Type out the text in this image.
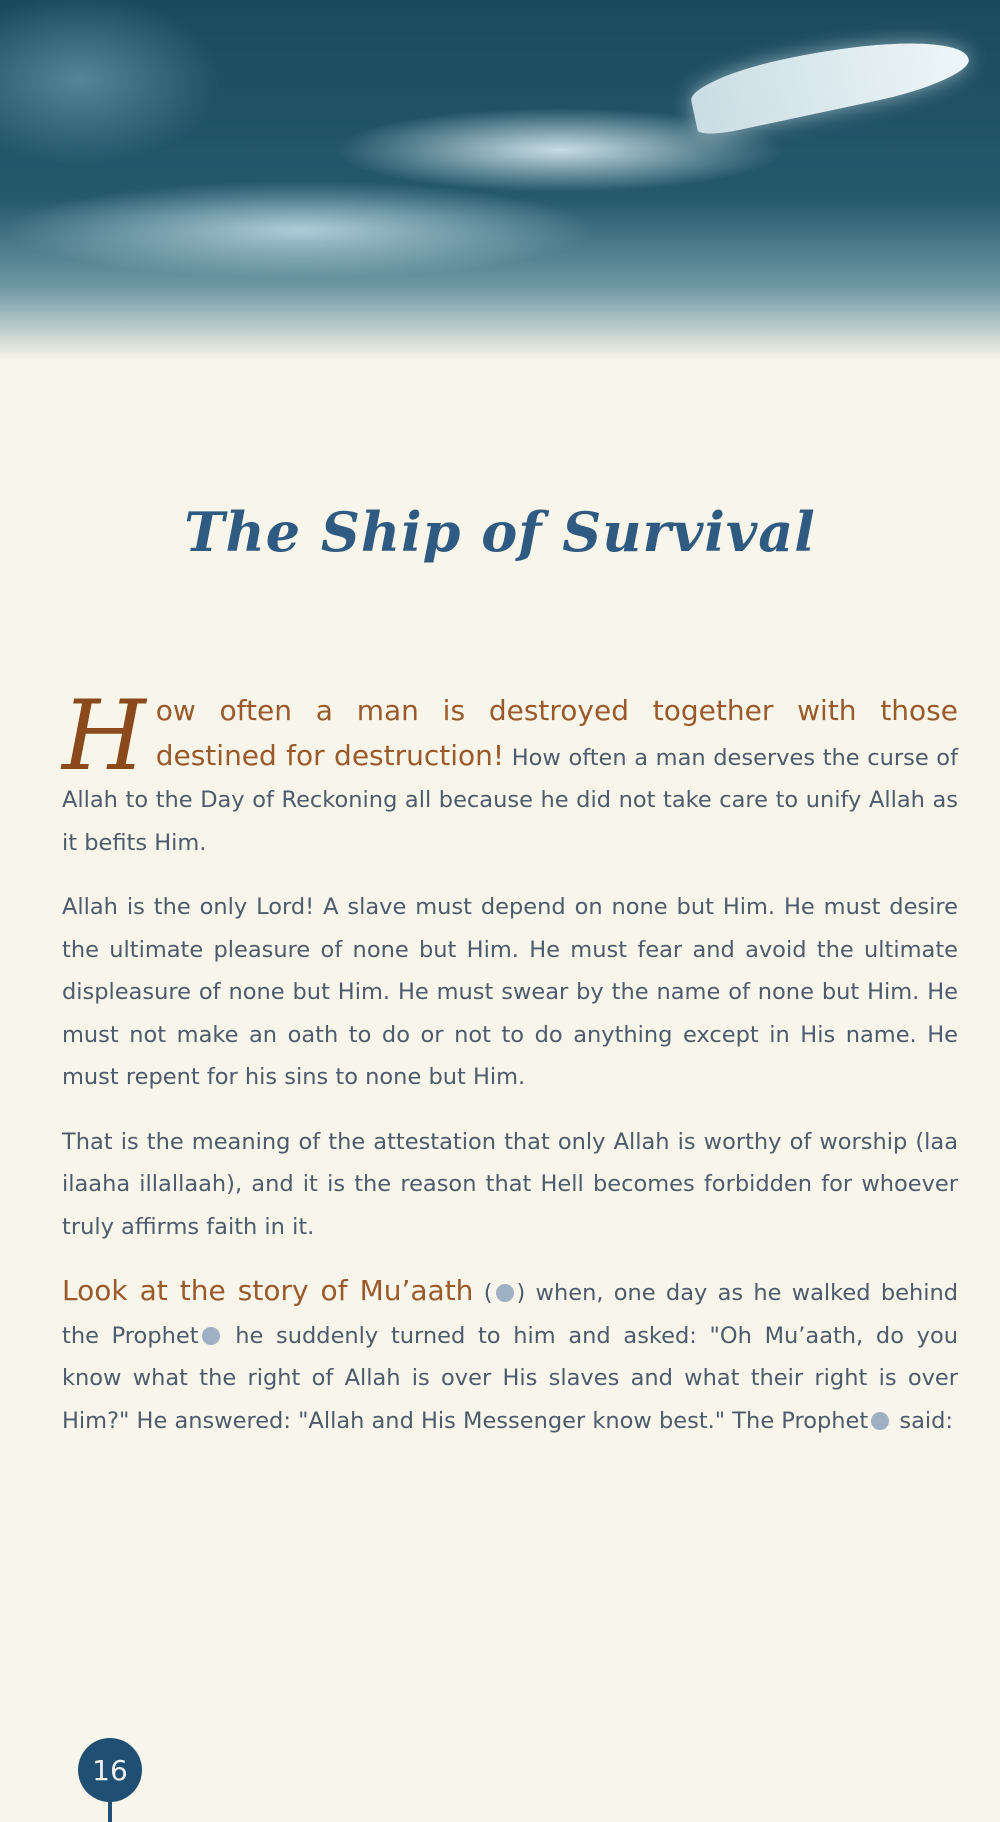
The Ship of Survival

How often a man is destroyed together with those destined for destruction! How often a man deserves the curse of Allah to the Day of Reckoning all because he did not take care to unify Allah as it befits Him.

Allah is the only Lord! A slave must depend on none but Him. He must desire the ultimate pleasure of none but Him. He must fear and avoid the ultimate displeasure of none but Him. He must swear by the name of none but Him. He must not make an oath to do or not to do anything except in His name. He must repent for his sins to none but Him.

That is the meaning of the attestation that only Allah is worthy of worship (laa ilaaha illallaah), and it is the reason that Hell becomes forbidden for whoever truly affirms faith in it.

Look at the story of Mu’aath ( ) when, one day as he walked behind the Prophet he suddenly turned to him and asked: "Oh Mu’aath, do you know what the right of Allah is over His slaves and what their right is over Him?" He answered: "Allah and His Messenger know best." The Prophet said:

16
